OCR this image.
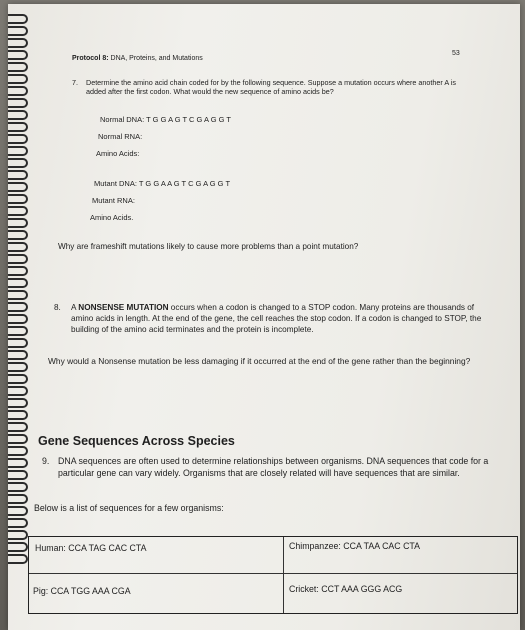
Protocol 8: DNA, Proteins, and Mutations
53
7. Determine the amino acid chain coded for by the following sequence. Suppose a mutation occurs where another A is added after the first codon. What would the new sequence of amino acids be?
Normal DNA: T G G A G T C G A G G T
Normal RNA:
Amino Acids:
Mutant DNA: T G G A A G T C G A G G T
Mutant RNA:
Amino Acids.
Why are frameshift mutations likely to cause more problems than a point mutation?
8. A NONSENSE MUTATION occurs when a codon is changed to a STOP codon. Many proteins are thousands of amino acids in length. At the end of the gene, the cell reaches the stop codon. If a codon is changed to STOP, the building of the amino acid terminates and the protein is incomplete.
Why would a Nonsense mutation be less damaging if it occurred at the end of the gene rather than the beginning?
Gene Sequences Across Species
9. DNA sequences are often used to determine relationships between organisms. DNA sequences that code for a particular gene can vary widely. Organisms that are closely related will have sequences that are similar.
Below is a list of sequences for a few organisms:
Human: CCA TAG CAC CTA	Chimpanzee: CCA TAA CAC CTA
Pig: CCA TGG AAA CGA	Cricket: CCT AAA GGG ACG
